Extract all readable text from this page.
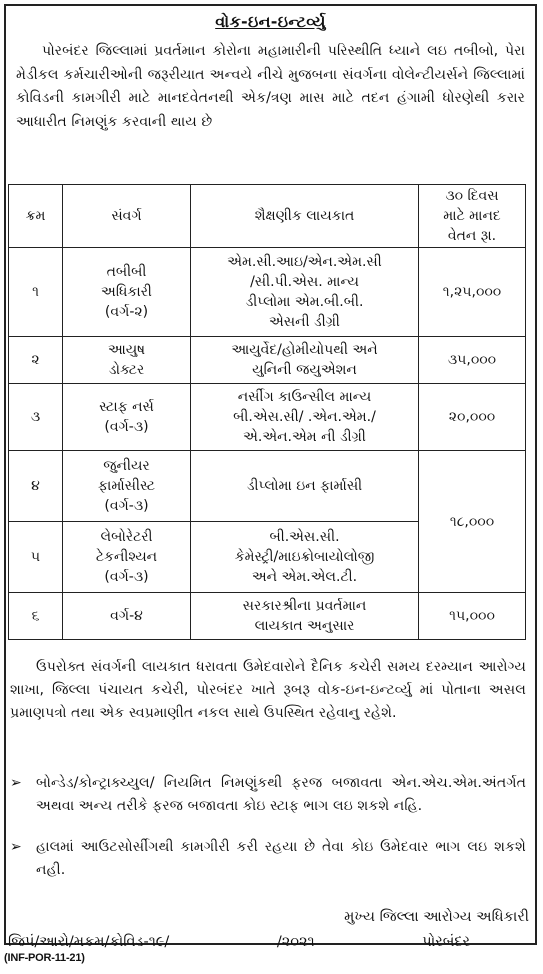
વોક-ઇન-ઇન્ટર્વ્યુ
પોરબંદર જિલ્લામાં પ્રવર્તમાન કોરોના મહામારીની પરિસ્થીતિ ધ્યાને લઇ તબીબો, પેરા મેડીકલ કર્મચારીઓની જરૂરીયાત અન્વયે નીચે મુજબના સંવર્ગના વોલેન્ટીયર્સને જિલ્લામાં કોવિડની કામગીરી માટે માનદવેતનથી એક/ત્રણ માસ માટે તદન હંગામી ધોરણેથી કરાર આધારીત નિમણુંક કરવાની થાય છે
ક્રમ	સંવર્ગ	શૈક્ષણીક લાયકાત	૩૦ દિવસ
માટે માનદ
વેતન રૂા.
૧	તબીબી
અધિકારી
(વર્ગ-૨)	એમ.સી.આઇ/એન.એમ.સી
/સી.પી.એસ. માન્ય
ડીપ્લોમા એમ.બી.બી.
એસની ડીગ્રી	૧,૨૫,૦૦૦
૨	આયુષ
ડોક્ટર	આયુર્વેદ/હોમીયોપથી અને
યુનિની જયુએશન	૩૫,૦૦૦
૩	સ્ટાફ નર્સ
(વર્ગ-૩)	નર્સીગ કાઉન્સીલ માન્ય
બી.એસ.સી/ .એન.એમ./
એ.એન.એમ ની ડીગ્રી	૨૦,૦૦૦
૪	જુનીયર
ફાર્માસીસ્ટ
(વર્ગ-૩)	ડીપ્લોમા ઇન ફાર્માસી	૧૮,૦૦૦
૫	લેબોરેટરી
ટેકનીશ્યન
(વર્ગ-૩)	બી.એસ.સી.
કેમેસ્ટ્રી/માઇક્રોબાયોલોજી
અને એમ.એલ.ટી.	
૬	વર્ગ-૪	સરકારશ્રીના પ્રવર્તમાન
લાયકાત અનુસાર	૧૫,૦૦૦
ઉપરોક્ત સંવર્ગની લાયકાત ધરાવતા ઉમેદવારોને દૈનિક કચેરી સમય દરમ્યાન આરોગ્ય શાખા, જિલ્લા પંચાયત કચેરી, પોરબંદર ખાતે રૂબરૂ વોક-ઇન-ઇન્ટર્વ્યુ માં પોતાના અસલ પ્રમાણપત્રો તથા એક સ્વપ્રમાણીત નકલ સાથે ઉપસ્થિત રહેવાનુ રહેશે.
➢	બોન્ડેડ/કોન્ટ્રાક્ચ્યુલ/ નિયમિત નિમણુંકથી ફરજ બજાવતા એન.એચ.એમ.અંતર્ગત અથવા અન્ય તરીકે ફરજ બજાવતા કોઇ સ્ટાફ ભાગ લઇ શકશે નહિ.
➢	હાલમાં આઉટસોર્સીગથી કામગીરી કરી રહયા છે તેવા કોઇ ઉમેદવાર ભાગ લઇ શકશે નહી.
મુખ્ય જિલ્લા આરોગ્ય અધિકારી
જિપં/આરો/મકમ/કોવિડ-૧૯/	/૨૦૨૧	પોરબંદર
(INF-POR-11-21)
